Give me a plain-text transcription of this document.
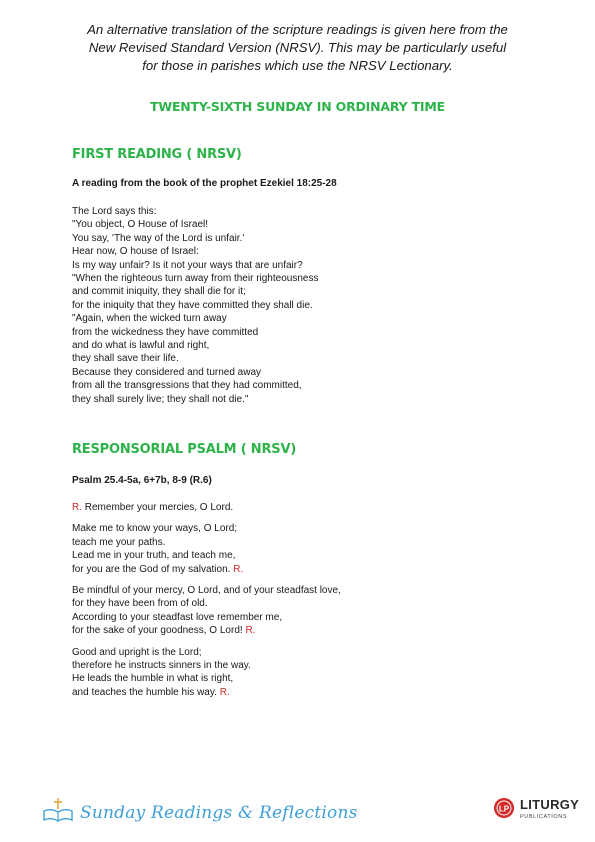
An alternative translation of the scripture readings is given here from the
New Revised Standard Version (NRSV). This may be particularly useful
for those in parishes which use the NRSV Lectionary.
TWENTY-SIXTH SUNDAY IN ORDINARY TIME
FIRST READING ( NRSV)
A reading from the book of the prophet Ezekiel 18:25-28
The Lord says this:
"You object, O House of Israel!
You say, 'The way of the Lord is unfair.'
Hear now, O house of Israel:
Is my way unfair? Is it not your ways that are unfair?
"When the righteous turn away from their righteousness
and commit iniquity, they shall die for it;
for the iniquity that they have committed they shall die.
"Again, when the wicked turn away
from the wickedness they have committed
and do what is lawful and right,
they shall save their life.
Because they considered and turned away
from all the transgressions that they had committed,
they shall surely live; they shall not die."
RESPONSORIAL PSALM ( NRSV)
Psalm 25.4-5a, 6+7b, 8-9 (R.6)
R. Remember your mercies, O Lord.
Make me to know your ways, O Lord;
teach me your paths.
Lead me in your truth, and teach me,
for you are the God of my salvation. R.
Be mindful of your mercy, O Lord, and of your steadfast love,
for they have been from of old.
According to your steadfast love remember me,
for the sake of your goodness, O Lord! R.
Good and upright is the Lord;
therefore he instructs sinners in the way.
He leads the humble in what is right,
and teaches the humble his way. R.
Sunday Readings & Reflections	LP LITURGY
PUBLICATIONS
